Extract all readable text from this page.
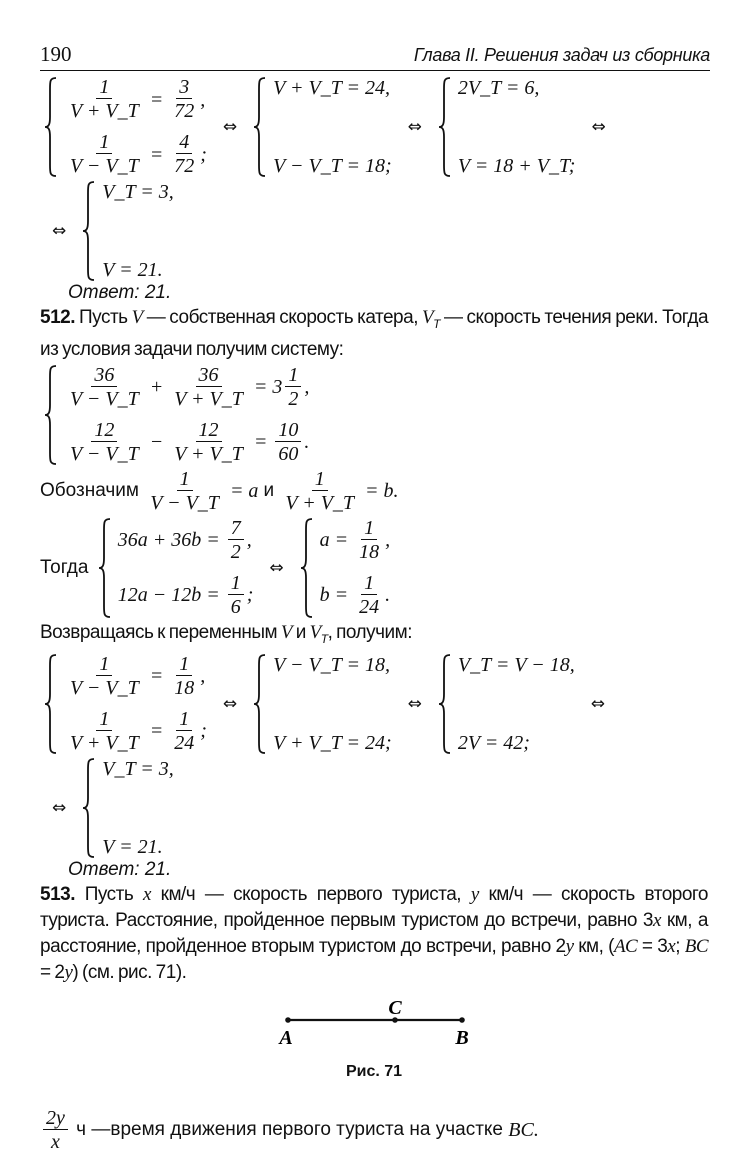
190	Глава II. Решения задач из сборника
$\frac{1}{V + V\_T} = \frac{3}{72}$ ,
$\frac{1}{V - V\_T} = \frac{4}{72}$ ;
⇔
V + V_T = 24,
V − V_T = 18;
⇔
2V_T = 6,
V = 18 + V_T;
⇔
⇔
V_T = 3,
V = 21.
Ответ: 21.
512. Пусть V — собственная скорость катера, $V_T$ — скорость течения реки. Тогда из условия задачи получим систему:
$\frac{36}{V - V\_T} + \frac{36}{V + V\_T} = 3 \frac{1}{2}$ ,
$\frac{12}{V - V\_T} - \frac{12}{V + V\_T} = \frac{10}{60}$ .
Обозначим $\frac{1}{V - V\_T} = a$ и $\frac{1}{V + V\_T} = b$.
Тогда
$36a + 36b = \frac{7}{2}$ ,
$12a - 12b = \frac{1}{6}$ ;
⇔
$a = \frac{1}{18}$ ,
$b = \frac{1}{24}$ .
Возвращаясь к переменным V и $V_T$, получим:
$\frac{1}{V - V\_T} = \frac{1}{18}$ ,
$\frac{1}{V + V\_T} = \frac{1}{24}$ ;
⇔
V − V_T = 18,
V + V_T = 24;
⇔
V_T = V − 18,
2V = 42;
⇔
⇔
V_T = 3,
V = 21.
Ответ: 21.
513. Пусть x км/ч — скорость первого туриста, y км/ч — скорость второго туриста. Расстояние, пройденное первым туристом до встречи, равно 3x км, а расстояние, пройденное вторым туристом до встречи, равно 2y км, (AC = 3x; BC = 2y) (см. рис. 71).
C
A	B
Рис. 71
$\frac{2y}{x}$ ч —время движения первого туриста на участке BC.
